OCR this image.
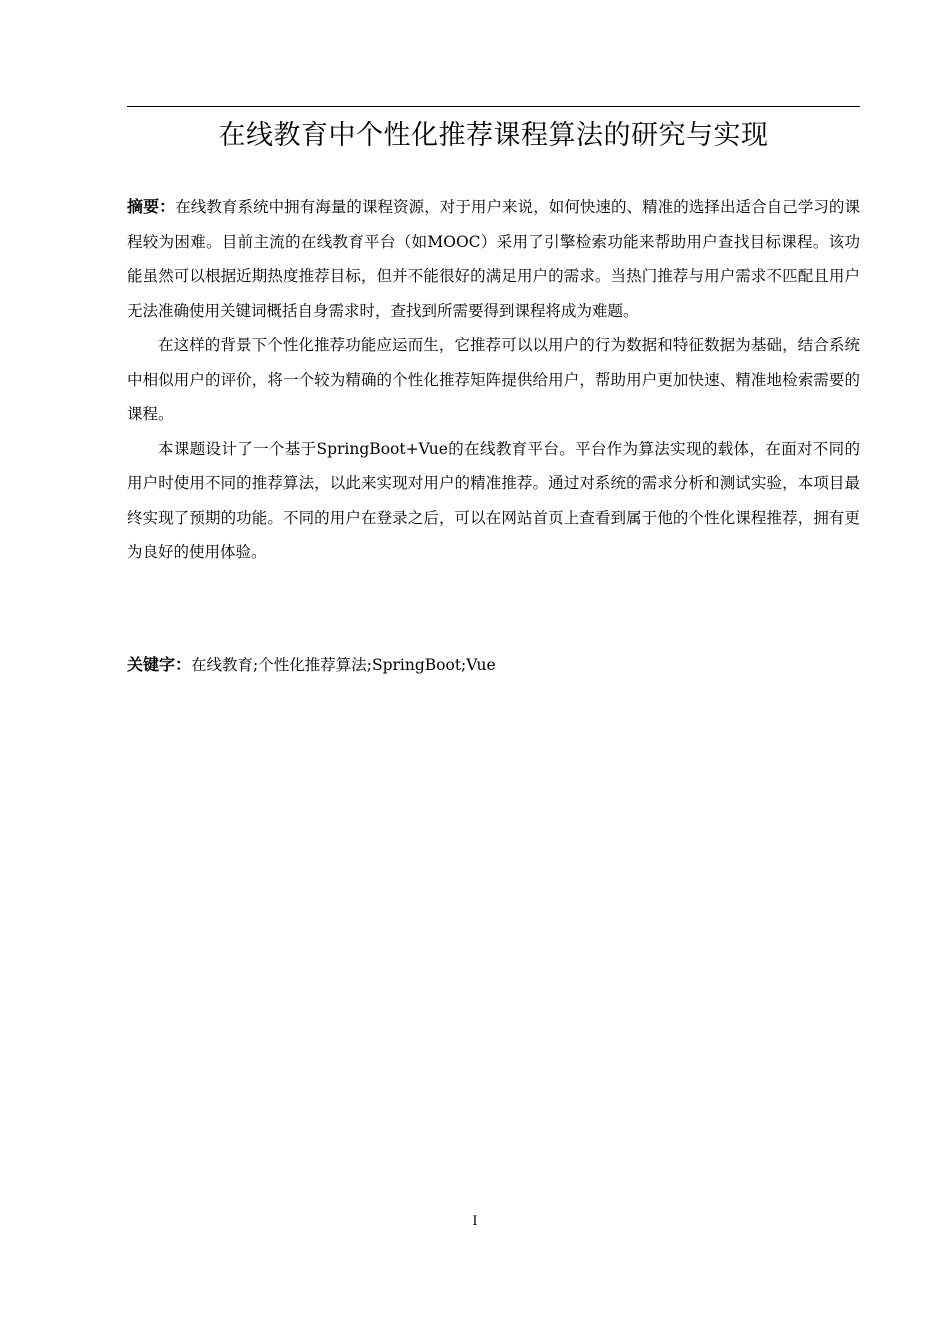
在线教育中个性化推荐课程算法的研究与实现

摘要：在线教育系统中拥有海量的课程资源，对于用户来说，如何快速的、精准的选择出适合自己学习的课程较为困难。目前主流的在线教育平台（如MOOC）采用了引擎检索功能来帮助用户查找目标课程。该功能虽然可以根据近期热度推荐目标，但并不能很好的满足用户的需求。当热门推荐与用户需求不匹配且用户无法准确使用关键词概括自身需求时，查找到所需要得到课程将成为难题。

在这样的背景下个性化推荐功能应运而生，它推荐可以以用户的行为数据和特征数据为基础，结合系统中相似用户的评价，将一个较为精确的个性化推荐矩阵提供给用户，帮助用户更加快速、精准地检索需要的课程。

本课题设计了一个基于SpringBoot+Vue的在线教育平台。平台作为算法实现的载体，在面对不同的用户时使用不同的推荐算法，以此来实现对用户的精准推荐。通过对系统的需求分析和测试实验，本项目最终实现了预期的功能。不同的用户在登录之后，可以在网站首页上查看到属于他的个性化课程推荐，拥有更为良好的使用体验。

关键字：在线教育;个性化推荐算法;SpringBoot;Vue
I
